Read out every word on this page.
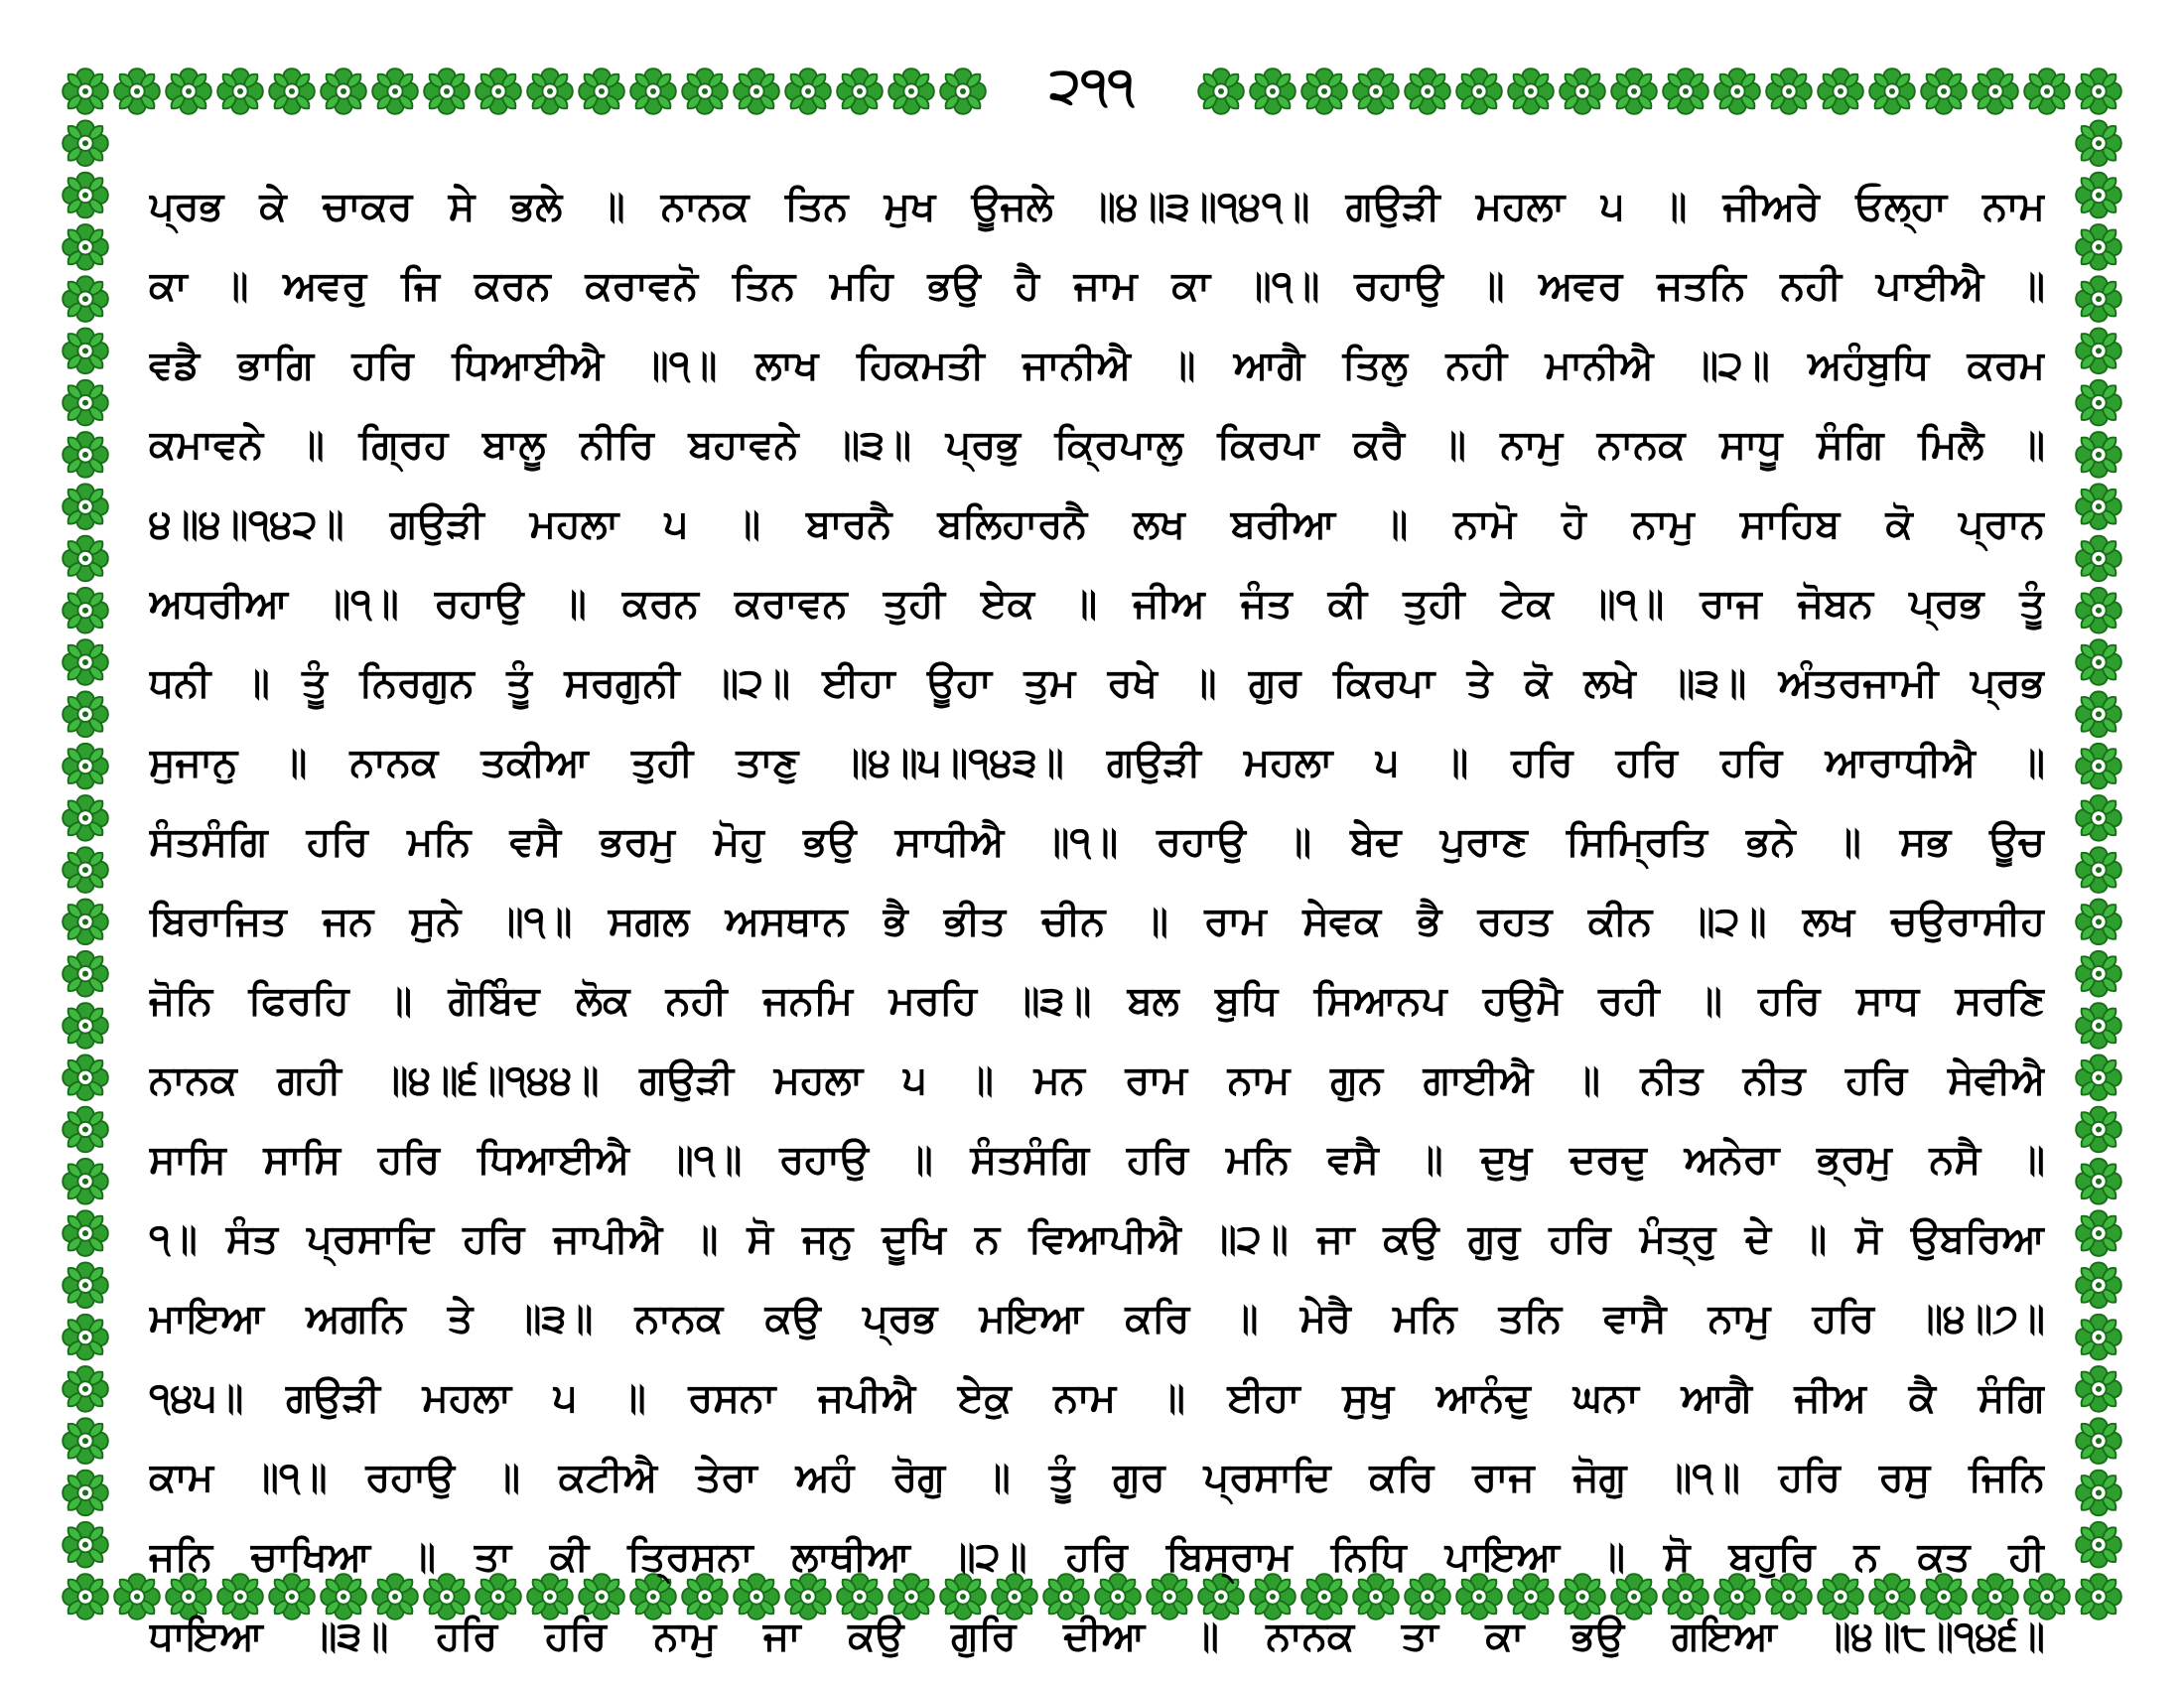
੨੧੧
ਪ੍ਰਭ ਕੇ ਚਾਕਰ ਸੇ ਭਲੇ ॥ ਨਾਨਕ ਤਿਨ ਮੁਖ ਊਜਲੇ ॥੪॥੩॥੧੪੧॥ ਗਉੜੀ ਮਹਲਾ ੫ ॥ ਜੀਅਰੇ ਓਲ੍ਹਾ ਨਾਮ
ਕਾ ॥ ਅਵਰੁ ਜਿ ਕਰਨ ਕਰਾਵਨੋ ਤਿਨ ਮਹਿ ਭਉ ਹੈ ਜਾਮ ਕਾ ॥੧॥ ਰਹਾਉ ॥ ਅਵਰ ਜਤਨਿ ਨਹੀ ਪਾਈਐ ॥
ਵਡੈ ਭਾਗਿ ਹਰਿ ਧਿਆਈਐ ॥੧॥ ਲਾਖ ਹਿਕਮਤੀ ਜਾਨੀਐ ॥ ਆਗੈ ਤਿਲੁ ਨਹੀ ਮਾਨੀਐ ॥੨॥ ਅਹੰਬੁਧਿ ਕਰਮ
ਕਮਾਵਨੇ ॥ ਗ੍ਰਿਹ ਬਾਲੂ ਨੀਰਿ ਬਹਾਵਨੇ ॥੩॥ ਪ੍ਰਭੁ ਕ੍ਰਿਪਾਲੁ ਕਿਰਪਾ ਕਰੈ ॥ ਨਾਮੁ ਨਾਨਕ ਸਾਧੂ ਸੰਗਿ ਮਿਲੈ ॥
੪॥੪॥੧੪੨॥ ਗਉੜੀ ਮਹਲਾ ੫ ॥ ਬਾਰਨੈ ਬਲਿਹਾਰਨੈ ਲਖ ਬਰੀਆ ॥ ਨਾਮੋ ਹੋ ਨਾਮੁ ਸਾਹਿਬ ਕੋ ਪ੍ਰਾਨ
ਅਧਰੀਆ ॥੧॥ ਰਹਾਉ ॥ ਕਰਨ ਕਰਾਵਨ ਤੁਹੀ ਏਕ ॥ ਜੀਅ ਜੰਤ ਕੀ ਤੁਹੀ ਟੇਕ ॥੧॥ ਰਾਜ ਜੋਬਨ ਪ੍ਰਭ ਤੂੰ
ਧਨੀ ॥ ਤੂੰ ਨਿਰਗੁਨ ਤੂੰ ਸਰਗੁਨੀ ॥੨॥ ਈਹਾ ਊਹਾ ਤੁਮ ਰਖੇ ॥ ਗੁਰ ਕਿਰਪਾ ਤੇ ਕੋ ਲਖੇ ॥੩॥ ਅੰਤਰਜਾਮੀ ਪ੍ਰਭ
ਸੁਜਾਨੁ ॥ ਨਾਨਕ ਤਕੀਆ ਤੁਹੀ ਤਾਣੁ ॥੪॥੫॥੧੪੩॥ ਗਉੜੀ ਮਹਲਾ ੫ ॥ ਹਰਿ ਹਰਿ ਹਰਿ ਆਰਾਧੀਐ ॥
ਸੰਤਸੰਗਿ ਹਰਿ ਮਨਿ ਵਸੈ ਭਰਮੁ ਮੋਹੁ ਭਉ ਸਾਧੀਐ ॥੧॥ ਰਹਾਉ ॥ ਬੇਦ ਪੁਰਾਣ ਸਿਮ੍ਰਿਤਿ ਭਨੇ ॥ ਸਭ ਊਚ
ਬਿਰਾਜਿਤ ਜਨ ਸੁਨੇ ॥੧॥ ਸਗਲ ਅਸਥਾਨ ਭੈ ਭੀਤ ਚੀਨ ॥ ਰਾਮ ਸੇਵਕ ਭੈ ਰਹਤ ਕੀਨ ॥੨॥ ਲਖ ਚਉਰਾਸੀਹ
ਜੋਨਿ ਫਿਰਹਿ ॥ ਗੋਬਿੰਦ ਲੋਕ ਨਹੀ ਜਨਮਿ ਮਰਹਿ ॥੩॥ ਬਲ ਬੁਧਿ ਸਿਆਨਪ ਹਉਮੈ ਰਹੀ ॥ ਹਰਿ ਸਾਧ ਸਰਣਿ
ਨਾਨਕ ਗਹੀ ॥੪॥੬॥੧੪੪॥ ਗਉੜੀ ਮਹਲਾ ੫ ॥ ਮਨ ਰਾਮ ਨਾਮ ਗੁਨ ਗਾਈਐ ॥ ਨੀਤ ਨੀਤ ਹਰਿ ਸੇਵੀਐ
ਸਾਸਿ ਸਾਸਿ ਹਰਿ ਧਿਆਈਐ ॥੧॥ ਰਹਾਉ ॥ ਸੰਤਸੰਗਿ ਹਰਿ ਮਨਿ ਵਸੈ ॥ ਦੁਖੁ ਦਰਦੁ ਅਨੇਰਾ ਭ੍ਰਮੁ ਨਸੈ ॥
੧॥ ਸੰਤ ਪ੍ਰਸਾਦਿ ਹਰਿ ਜਾਪੀਐ ॥ ਸੋ ਜਨੁ ਦੂਖਿ ਨ ਵਿਆਪੀਐ ॥੨॥ ਜਾ ਕਉ ਗੁਰੁ ਹਰਿ ਮੰਤ੍ਰੁ ਦੇ ॥ ਸੋ ਉਬਰਿਆ
ਮਾਇਆ ਅਗਨਿ ਤੇ ॥੩॥ ਨਾਨਕ ਕਉ ਪ੍ਰਭ ਮਇਆ ਕਰਿ ॥ ਮੇਰੈ ਮਨਿ ਤਨਿ ਵਾਸੈ ਨਾਮੁ ਹਰਿ ॥੪॥੭॥
੧੪੫॥ ਗਉੜੀ ਮਹਲਾ ੫ ॥ ਰਸਨਾ ਜਪੀਐ ਏਕੁ ਨਾਮ ॥ ਈਹਾ ਸੁਖੁ ਆਨੰਦੁ ਘਨਾ ਆਗੈ ਜੀਅ ਕੈ ਸੰਗਿ
ਕਾਮ ॥੧॥ ਰਹਾਉ ॥ ਕਟੀਐ ਤੇਰਾ ਅਹੰ ਰੋਗੁ ॥ ਤੂੰ ਗੁਰ ਪ੍ਰਸਾਦਿ ਕਰਿ ਰਾਜ ਜੋਗੁ ॥੧॥ ਹਰਿ ਰਸੁ ਜਿਨਿ
ਜਨਿ ਚਾਖਿਆ ॥ ਤਾ ਕੀ ਤ੍ਰਿਸਨਾ ਲਾਥੀਆ ॥੨॥ ਹਰਿ ਬਿਸ੍ਰਾਮ ਨਿਧਿ ਪਾਇਆ ॥ ਸੋ ਬਹੁਰਿ ਨ ਕਤ ਹੀ
ਧਾਇਆ ॥੩॥ ਹਰਿ ਹਰਿ ਨਾਮੁ ਜਾ ਕਉ ਗੁਰਿ ਦੀਆ ॥ ਨਾਨਕ ਤਾ ਕਾ ਭਉ ਗਇਆ ॥੪॥੮॥੧੪੬॥
